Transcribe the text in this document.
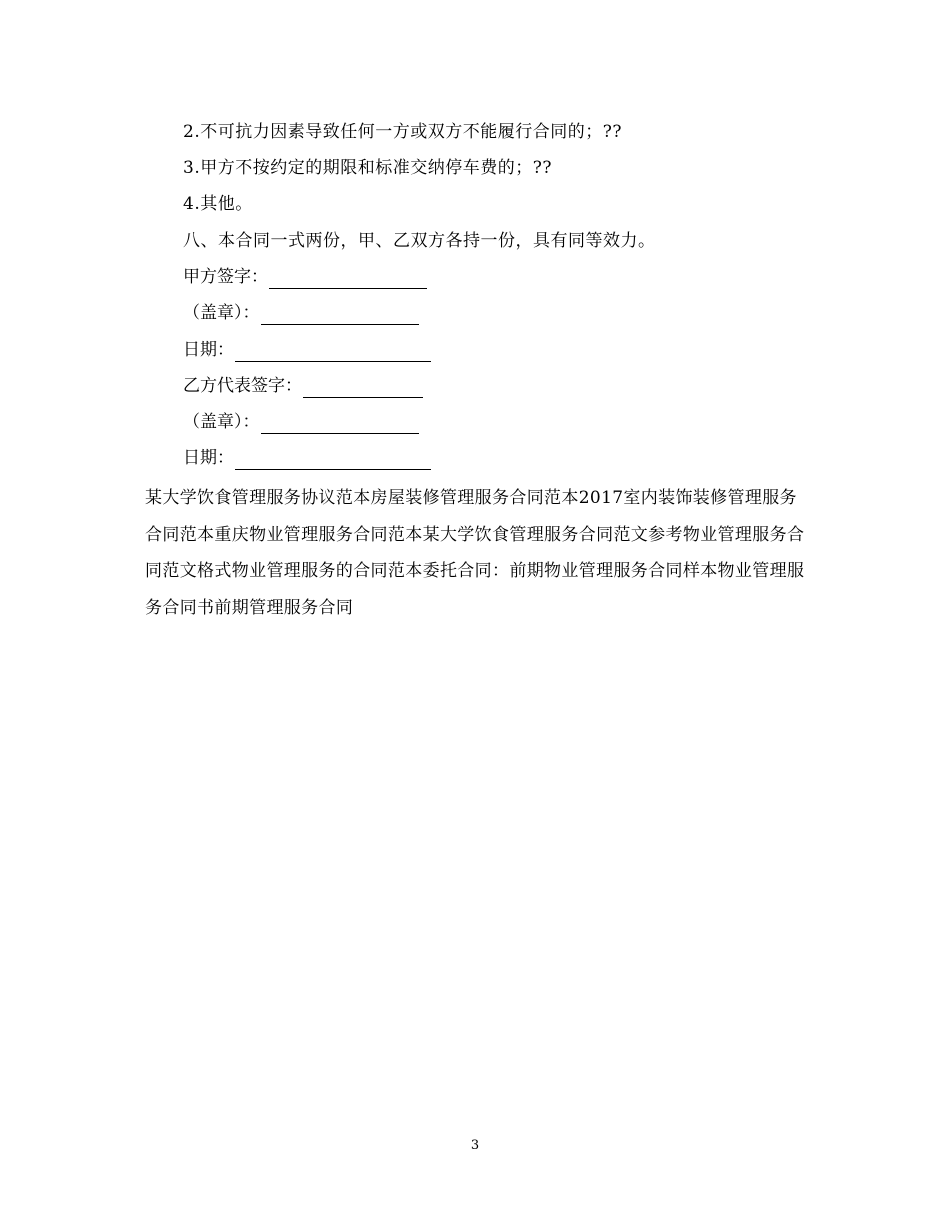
2.不可抗力因素导致任何一方或双方不能履行合同的；??
3.甲方不按约定的期限和标准交纳停车费的；??
4.其他。
八、本合同一式两份，甲、乙双方各持一份，具有同等效力。
甲方签字：
（盖章）：
日期：
乙方代表签字：
（盖章）：
日期：
某大学饮食管理服务协议范本房屋装修管理服务合同范本2017室内装饰装修管理服务合同范本重庆物业管理服务合同范本某大学饮食管理服务合同范文参考物业管理服务合同范文格式物业管理服务的合同范本委托合同：前期物业管理服务合同样本物业管理服务合同书前期管理服务合同
3
